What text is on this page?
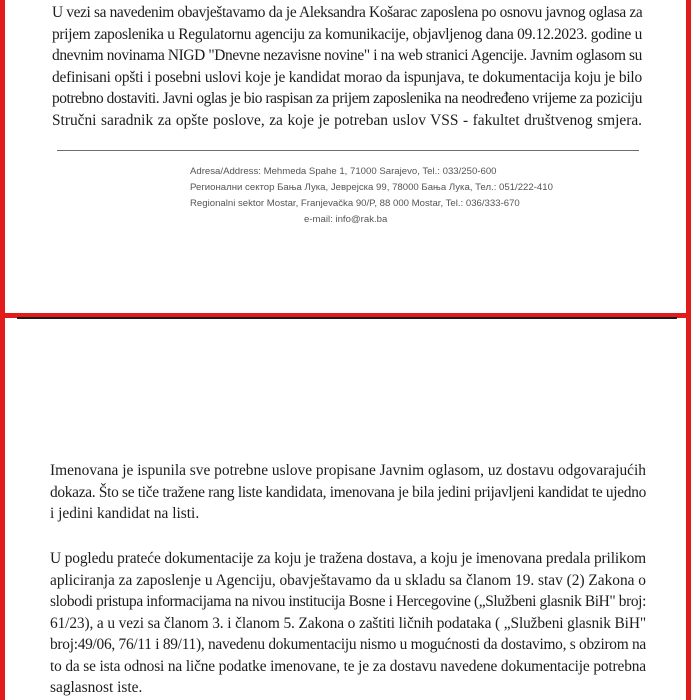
U vezi sa navedenim obavještavamo da je Aleksandra Košarac zaposlena po osnovu javnog oglasa za
prijem zaposlenika u Regulatornu agenciju za komunikacije, objavljenog dana 09.12.2023. godine u
dnevnim novinama NIGD "Dnevne nezavisne novine" i na web stranici Agencije. Javnim oglasom su
definisani opšti i posebni uslovi koje je kandidat morao da ispunjava, te dokumentacija koju je bilo
potrebno dostaviti. Javni oglas je bio raspisan za prijem zaposlenika na neodređeno vrijeme za poziciju
Stručni saradnik za opšte poslove, za koje je potreban uslov VSS - fakultet društvenog smjera.

Adresa/Address: Mehmeda Spahe 1, 71000 Sarajevo, Tel.: 033/250-600
Регионални сектор Бања Лука, Јевреjска 99, 78000 Бања Лука, Тел.: 051/222-410
Regionalni sektor Mostar, Franjevačka 90/P, 88 000 Mostar, Tel.: 036/333-670
e-mail: info@rak.ba

Imenovana je ispunila sve potrebne uslove propisane Javnim oglasom, uz dostavu odgovarajućih
dokaza. Što se tiče tražene rang liste kandidata, imenovana je bila jedini prijavljeni kandidat te ujedno
i jedini kandidat na listi.

U pogledu prateće dokumentacije za koju je tražena dostava, a koju je imenovana predala prilikom
apliciranja za zaposlenje u Agenciju, obavještavamo da u skladu sa članom 19. stav (2) Zakona o
slobodi pristupa informacijama na nivou institucija Bosne i Hercegovine („Službeni glasnik BiH" broj:
61/23), a u vezi sa članom 3. i članom 5. Zakona o zaštiti ličnih podataka ( „Službeni glasnik BiH"
broj:49/06, 76/11 i 89/11), navedenu dokumentaciju nismo u mogućnosti da dostavimo, s obzirom na
to da se ista odnosi na lične podatke imenovane, te je za dostavu navedene dokumentacije potrebna
saglasnost iste.
